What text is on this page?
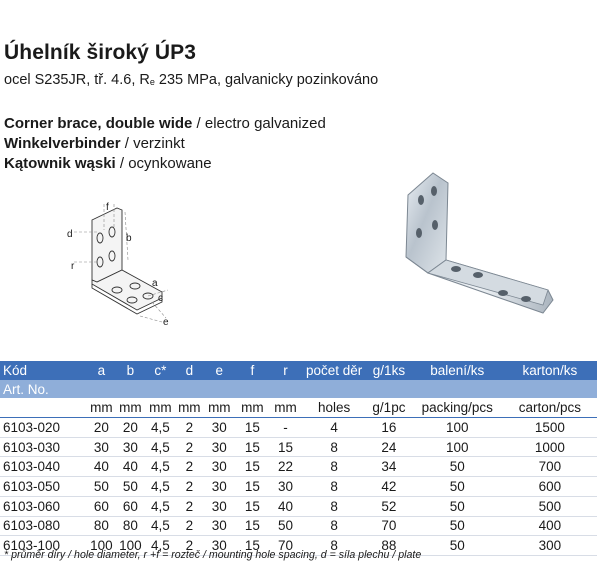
Úhelník široký ÚP3
ocel S235JR, tř. 4.6, Re 235 MPa, galvanicky pozinkováno
Corner brace, double wide / electro galvanized
Winkelverbinder / verzinkt
Kątownik wąski / ocynkowane
f
d	b
r
a
c
e
Kód	a	b	c*	d	e	f	r	počet děr	g/1ks	balení/ks	karton/ks
Art. No.											
	mm	mm	mm	mm	mm	mm	mm	holes	g/1pc	packing/pcs	carton/pcs
6103-020	20	20	4,5	2	30	15	-	4	16	100	1500
6103-030	30	30	4,5	2	30	15	15	8	24	100	1000
6103-040	40	40	4,5	2	30	15	22	8	34	50	700
6103-050	50	50	4,5	2	30	15	30	8	42	50	600
6103-060	60	60	4,5	2	30	15	40	8	52	50	500
6103-080	80	80	4,5	2	30	15	50	8	70	50	400
6103-100	100	100	4,5	2	30	15	70	8	88	50	300
* průměr díry / hole diameter, r +f = rozteč / mounting hole spacing, d = síla plechu / plate
